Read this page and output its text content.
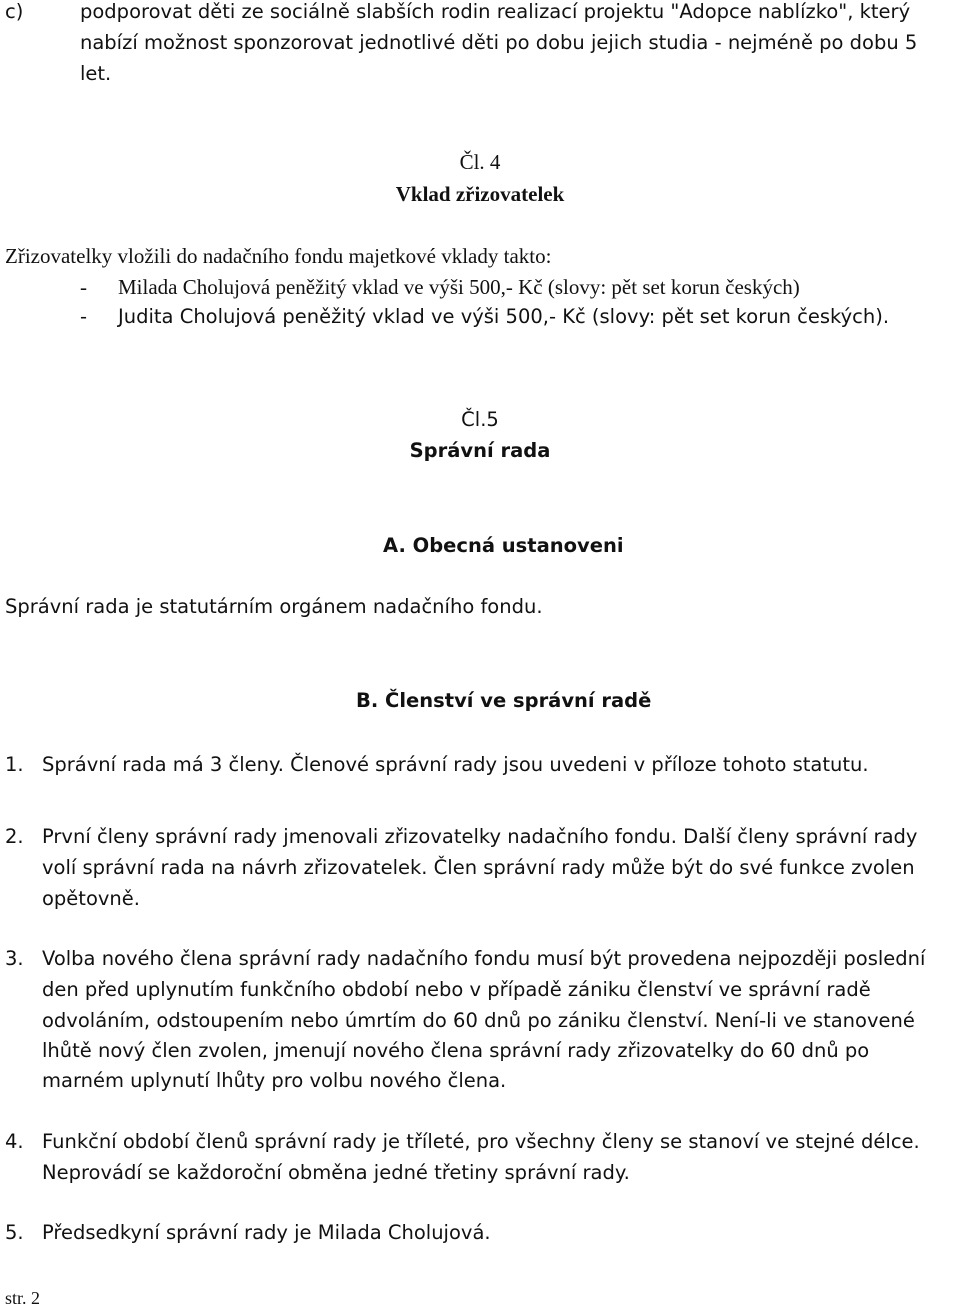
c)	podporovat děti ze sociálně slabších rodin realizací projektu "Adopce nablízko", který
nabízí možnost sponzorovat jednotlivé děti po dobu jejich studia - nejméně po dobu 5
let.
Čl. 4
Vklad zřizovatelek
Zřizovatelky vložili do nadačního fondu majetkové vklady takto:
- Milada Cholujová peněžitý vklad ve výši 500,- Kč (slovy: pět set korun českých)
- Judita Cholujová peněžitý vklad ve výši 500,- Kč (slovy: pět set korun českých).
Čl.5
Správní rada
A. Obecná ustanoveni
Správní rada je statutárním orgánem nadačního fondu.
B. Členství ve správní radě
1. Správní rada má 3 členy. Členové správní rady jsou uvedeni v příloze tohoto statutu.
2. První členy správní rady jmenovali zřizovatelky nadačního fondu. Další členy správní rady
volí správní rada na návrh zřizovatelek. Člen správní rady může být do své funkce zvolen
opětovně.
3. Volba nového člena správní rady nadačního fondu musí být provedena nejpozději poslední
den před uplynutím funkčního období nebo v případě zániku členství ve správní radě
odvoláním, odstoupením nebo úmrtím do 60 dnů po zániku členství. Není-li ve stanovené
lhůtě nový člen zvolen, jmenují nového člena správní rady zřizovatelky do 60 dnů po
marném uplynutí lhůty pro volbu nového člena.
4. Funkční období členů správní rady je tříleté, pro všechny členy se stanoví ve stejné délce.
Neprovádí se každoroční obměna jedné třetiny správní rady.
5. Předsedkyní správní rady je Milada Cholujová.
str. 2
